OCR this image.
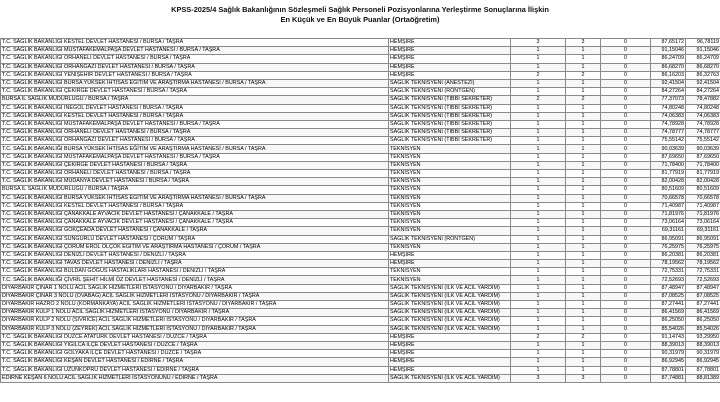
KPSS-2025/4 Sağlık Bakanlığının Sözleşmeli Sağlık Personeli Pozisyonlarına Yerleştirme Sonuçlarına İlişkin
En Küçük ve En Büyük Puanlar (Ortaöğretim)
T.C. SAĞLIK BAKANLIĞI KESTEL DEVLET HASTANESİ / BURSA / TAŞRA	HEMŞİRE	3	3	0	87,65172	96,78119
T.C. SAĞLIK BAKANLIĞI MUSTAFAKEMALPAŞA DEVLET HASTANESİ / BURSA / TAŞRA	HEMŞİRE	1	1	0	91,15046	91,15046
T.C. SAĞLIK BAKANLIĞI ORHANELİ DEVLET HASTANESİ / BURSA / TAŞRA	HEMŞİRE	1	1	0	86,24709	86,24709
T.C. SAĞLIK BAKANLIĞI ORHANGAZİ DEVLET HASTANESİ / BURSA / TAŞRA	HEMŞİRE	1	1	0	86,68270	86,68270
T.C. SAĞLIK BAKANLIĞI YENİŞEHİR DEVLET HASTANESİ / BURSA / TAŞRA	HEMŞİRE	2	2	0	86,16203	86,32763
T.C. SAĞLIK BAKANLIĞI BURSA YÜKSEK İHTİSAS EĞİTİM VE ARAŞTIRMA HASTANESİ / BURSA / TAŞRA	SAĞLIK TEKNİSYENİ (ANESTEZİ)	1	1	0	92,41504	92,41504
T.C. SAĞLIK BAKANLIĞI ÇEKİRGE DEVLET HASTANESİ / BURSA / TAŞRA	SAĞLIK TEKNİSYENİ (RÖNTGEN)	1	1	0	84,27264	84,27264
BURSA İL SAĞLIK MÜDÜRLÜĞÜ / BURSA / TAŞRA	SAĞLIK TEKNİSYENİ (TIBBİ SEKRETER)	2	2	0	77,37073	78,47882
T.C. SAĞLIK BAKANLIĞI İNEGÖL DEVLET HASTANESİ / BURSA / TAŞRA	SAĞLIK TEKNİSYENİ (TIBBİ SEKRETER)	1	1	0	74,80248	74,80248
T.C. SAĞLIK BAKANLIĞI KESTEL DEVLET HASTANESİ / BURSA / TAŞRA	SAĞLIK TEKNİSYENİ (TIBBİ SEKRETER)	1	1	0	74,06383	74,06383
T.C. SAĞLIK BAKANLIĞI MUSTAFAKEMALPAŞA DEVLET HASTANESİ / BURSA / TAŞRA	SAĞLIK TEKNİSYENİ (TIBBİ SEKRETER)	1	1	0	74,78928	74,78928
T.C. SAĞLIK BAKANLIĞI ORHANELİ DEVLET HASTANESİ / BURSA / TAŞRA	SAĞLIK TEKNİSYENİ (TIBBİ SEKRETER)	1	1	0	74,78777	74,78777
T.C. SAĞLIK BAKANLIĞI ORHANGAZİ DEVLET HASTANESİ / BURSA / TAŞRA	SAĞLIK TEKNİSYENİ (TIBBİ SEKRETER)	1	1	0	75,55142	75,55142
T.C. SAĞLIK BAKANLIĞI BURSA YÜKSEK İHTİSAS EĞİTİM VE ARAŞTIRMA HASTANESİ / BURSA / TAŞRA	TEKNİSYEN	1	1	0	90,03639	90,03639
T.C. SAĞLIK BAKANLIĞI MUSTAFAKEMALPAŞA DEVLET HASTANESİ / BURSA / TAŞRA	TEKNİSYEN	1	1	0	87,69650	87,69650
T.C. SAĞLIK BAKANLIĞI ÇEKİRGE DEVLET HASTANESİ / BURSA / TAŞRA	TEKNİSYEN	1	1	0	71,78400	71,78400
T.C. SAĞLIK BAKANLIĞI ORHANELİ DEVLET HASTANESİ / BURSA / TAŞRA	TEKNİSYEN	1	1	0	81,77919	81,77919
T.C. SAĞLIK BAKANLIĞI MUDANYA DEVLET HASTANESİ / BURSA / TAŞRA	TEKNİSYEN	1	1	0	82,00428	82,00428
BURSA İL SAĞLIK MÜDÜRLÜĞÜ / BURSA / TAŞRA	TEKNİSYEN	1	1	0	80,51609	80,51609
T.C. SAĞLIK BAKANLIĞI BURSA YÜKSEK İHTİSAS EĞİTİM VE ARAŞTIRMA HASTANESİ / BURSA / TAŞRA	TEKNİSYEN	1	1	0	70,66578	70,66578
T.C. SAĞLIK BAKANLIĞI KESTEL DEVLET HASTANESİ / BURSA / TAŞRA	TEKNİSYEN	1	1	0	71,40987	71,40987
T.C. SAĞLIK BAKANLIĞI ÇANAKKALE AYVACIK DEVLET HASTANESİ / ÇANAKKALE / TAŞRA	TEKNİSYEN	1	1	0	71,81976	71,81976
T.C. SAĞLIK BAKANLIĞI ÇANAKKALE AYVACIK DEVLET HASTANESİ / ÇANAKKALE / TAŞRA	TEKNİSYEN	1	1	0	73,06164	73,06164
T.C. SAĞLIK BAKANLIĞI GÖKÇEADA DEVLET HASTANESİ / ÇANAKKALE / TAŞRA	TEKNİSYEN	1	1	0	69,31161	69,31161
T.C. SAĞLIK BAKANLIĞI SUNGURLU DEVLET HASTANESİ / ÇORUM / TAŞRA	SAĞLIK TEKNİSYENİ (RÖNTGEN)	1	1	0	86,95091	86,95091
T.C. SAĞLIK BAKANLIĞI ÇORUM EROL OLÇOK EĞİTİM VE ARAŞTIRMA HASTANESİ / ÇORUM / TAŞRA	TEKNİSYEN	1	1	0	76,25975	76,25975
T.C. SAĞLIK BAKANLIĞI DENİZLİ DEVLET HASTANESİ / DENİZLİ / TAŞRA	HEMŞİRE	1	1	0	86,20381	86,20381
T.C. SAĞLIK BAKANLIĞI TAVAS DEVLET HASTANESİ / DENİZLİ / TAŞRA	HEMŞİRE	1	1	0	78,19562	78,19562
T.C. SAĞLIK BAKANLIĞI BULDAN GÖĞÜS HASTALIKLARI HASTANESİ / DENİZLİ / TAŞRA	TEKNİSYEN	1	1	0	72,75331	72,75331
T.C. SAĞLIK BAKANLIĞI ÇİVRİL ŞEHİT HİLMİ ÖZ DEVLET HASTANESİ / DENİZLİ / TAŞRA	TEKNİSYEN	1	1	0	72,52693	72,52693
DİYARBAKIR ÇINAR 1 NOLU ACİL SAĞLIK HİZMETLERİ İSTASYONU / DİYARBAKIR / TAŞRA	SAĞLIK TEKNİSYENİ (İLK VE ACİL YARDIM)	1	1	0	87,48947	87,48947
DİYARBAKIR ÇINAR 3 NOLU (OVABAĞ) ACİL SAĞLIK HİZMETLERİ İSTASYONU / DİYARBAKIR / TAŞRA	SAĞLIK TEKNİSYENİ (İLK VE ACİL YARDIM)	1	1	0	87,08525	87,08525
DİYARBAKIR HAZRO 2 NOLU (KORMANKAYA) ACİL SAĞLIK HİZMETLERİ İSTASYONU / DİYARBAKIR / TAŞRA	SAĞLIK TEKNİSYENİ (İLK VE ACİL YARDIM)	1	1	0	87,27441	87,27441
DİYARBAKIR KULP 1 NOLU ACİL SAĞLIK HİZMETLERİ İSTASYONU / DİYARBAKIR / TAŞRA	SAĞLIK TEKNİSYENİ (İLK VE ACİL YARDIM)	1	1	0	86,41569	86,41569
DİYARBAKIR KULP 2 NOLU (SİVRİCE) ACİL SAĞLIK HİZMETLERİ İSTASYONU / DİYARBAKIR / TAŞRA	SAĞLIK TEKNİSYENİ (İLK VE ACİL YARDIM)	1	1	0	86,25050	86,25050
DİYARBAKIR KULP 3 NOLU (ZEYREK) ACİL SAĞLIK HİZMETLERİ İSTASYONU / DİYARBAKIR / TAŞRA	SAĞLIK TEKNİSYENİ (İLK VE ACİL YARDIM)	1	1	0	85,54026	85,54026
T.C. SAĞLIK BAKANLIĞI DÜZCE ATATÜRK DEVLET HASTANESİ / DÜZCE / TAŞRA	HEMŞİRE	2	2	0	91,14743	93,29950
T.C. SAĞLIK BAKANLIĞI YIĞILCA İLÇE DEVLET HASTANESİ / DÜZCE / TAŞRA	HEMŞİRE	1	1	0	88,39013	88,39013
T.C. SAĞLIK BAKANLIĞI GÖLYAKA İLÇE DEVLET HASTANESİ / DÜZCE / TAŞRA	HEMŞİRE	1	1	0	90,31979	90,31979
T.C. SAĞLIK BAKANLIĞI KEŞAN DEVLET HASTANESİ / EDİRNE / TAŞRA	HEMŞİRE	1	1	0	86,92945	86,92945
T.C. SAĞLIK BAKANLIĞI UZUNKÖPRÜ DEVLET HASTANESİ / EDİRNE / TAŞRA	HEMŞİRE	1	1	0	87,78801	87,78801
EDİRNE KEŞAN 6 NOLU ACİL SAĞLIK HİZMETLERİ İSTASYONUNU / EDİRNE / TAŞRA	SAĞLIK TEKNİSYENİ (İLK VE ACİL YARDIM)	3	3	0	87,74881	88,81389
